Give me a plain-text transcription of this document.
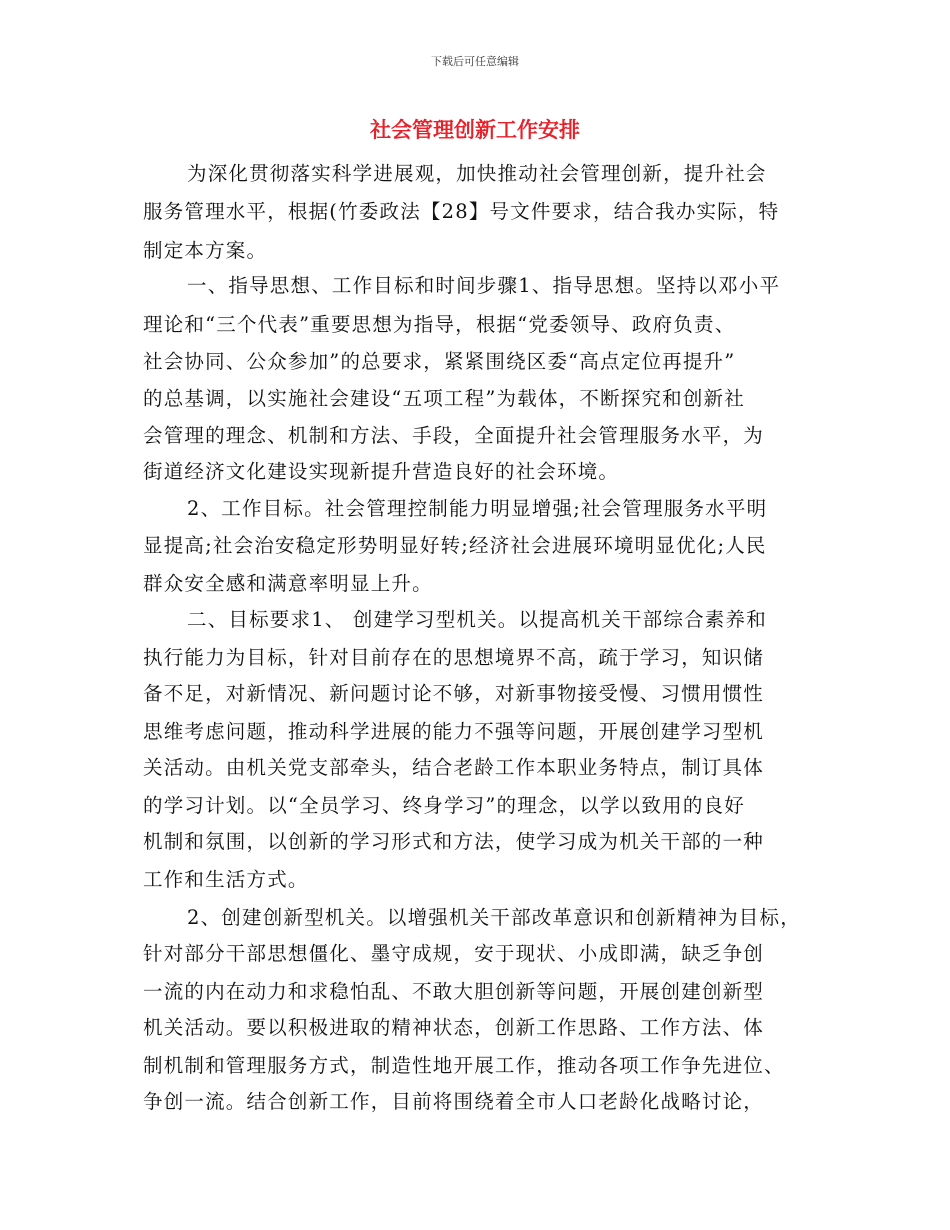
下载后可任意编辑
社会管理创新工作安排
为深化贯彻落实科学进展观，加快推动社会管理创新，提升社会
服务管理水平，根据(竹委政法【28】号文件要求，结合我办实际，特
制定本方案。
一、指导思想、工作目标和时间步骤1、指导思想。坚持以邓小平
理论和“三个代表”重要思想为指导，根据“党委领导、政府负责、
社会协同、公众参加”的总要求，紧紧围绕区委“高点定位再提升”
的总基调，以实施社会建设“五项工程”为载体，不断探究和创新社
会管理的理念、机制和方法、手段，全面提升社会管理服务水平，为
街道经济文化建设实现新提升营造良好的社会环境。
2、工作目标。社会管理控制能力明显增强;社会管理服务水平明
显提高;社会治安稳定形势明显好转;经济社会进展环境明显优化;人民
群众安全感和满意率明显上升。
二、目标要求1、 创建学习型机关。以提高机关干部综合素养和
执行能力为目标，针对目前存在的思想境界不高，疏于学习，知识储
备不足，对新情况、新问题讨论不够，对新事物接受慢、习惯用惯性
思维考虑问题，推动科学进展的能力不强等问题，开展创建学习型机
关活动。由机关党支部牵头，结合老龄工作本职业务特点，制订具体
的学习计划。以“全员学习、终身学习”的理念，以学以致用的良好
机制和氛围，以创新的学习形式和方法，使学习成为机关干部的一种
工作和生活方式。
2、创建创新型机关。以增强机关干部改革意识和创新精神为目标，
针对部分干部思想僵化、墨守成规，安于现状、小成即满，缺乏争创
一流的内在动力和求稳怕乱、不敢大胆创新等问题，开展创建创新型
机关活动。要以积极进取的精神状态，创新工作思路、工作方法、体
制机制和管理服务方式，制造性地开展工作，推动各项工作争先进位、
争创一流。结合创新工作，目前将围绕着全市人口老龄化战略讨论，
